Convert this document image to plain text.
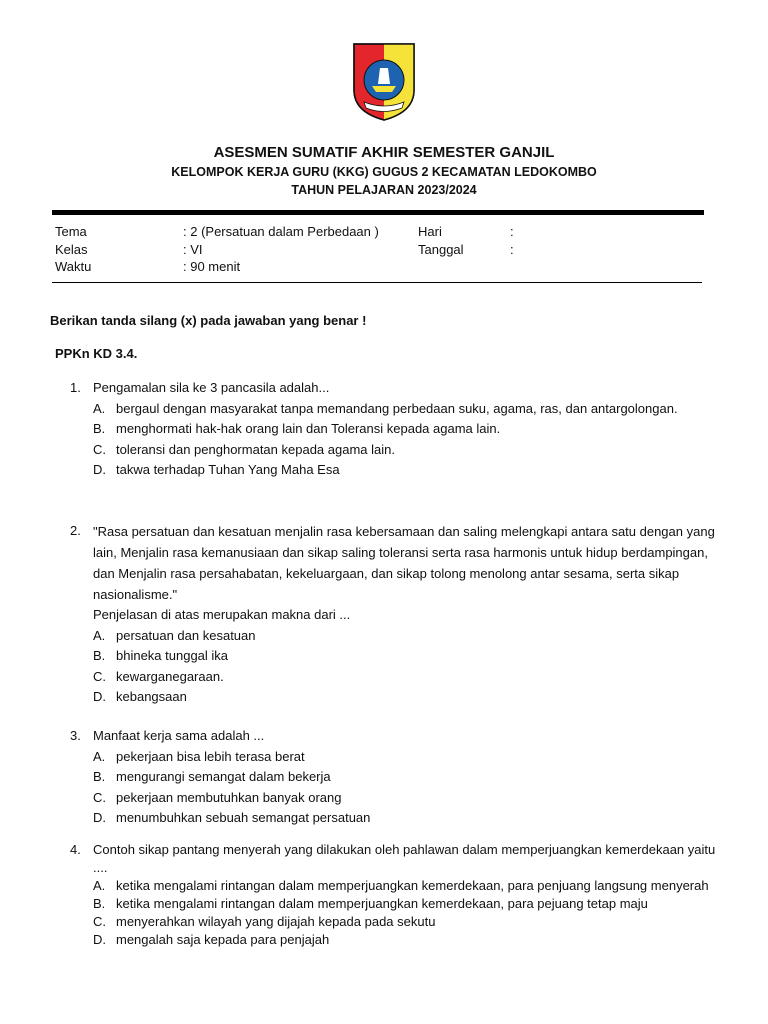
ASESMEN SUMATIF AKHIR SEMESTER GANJIL
KELOMPOK KERJA GURU (KKG) GUGUS 2 KECAMATAN LEDOKOMBO
TAHUN PELAJARAN 2023/2024
Tema	: 2 (Persatuan dalam Perbedaan )
Kelas	: VI
Waktu	: 90 menit
Hari	:
Tanggal	:
Berikan tanda silang (x) pada jawaban yang benar !
PPKn KD 3.4.
1. Pengamalan sila ke 3 pancasila adalah...
A. bergaul dengan masyarakat tanpa memandang perbedaan suku, agama, ras, dan antargolongan.
B. menghormati hak-hak orang lain dan Toleransi kepada agama lain.
C. toleransi dan penghormatan kepada agama lain.
D. takwa terhadap Tuhan Yang Maha Esa
2. "Rasa persatuan dan kesatuan menjalin rasa kebersamaan dan saling melengkapi antara satu dengan yang lain, Menjalin rasa kemanusiaan dan sikap saling toleransi serta rasa harmonis untuk hidup berdampingan, dan Menjalin rasa persahabatan, kekeluargaan, dan sikap tolong menolong antar sesama, serta sikap nasionalisme."
Penjelasan di atas merupakan makna dari ...
A. persatuan dan kesatuan
B. bhineka tunggal ika
C. kewarganegaraan.
D. kebangsaan
3. Manfaat kerja sama adalah ...
A. pekerjaan bisa lebih terasa berat
B. mengurangi semangat dalam bekerja
C. pekerjaan membutuhkan banyak orang
D. menumbuhkan sebuah semangat persatuan
4. Contoh sikap pantang menyerah yang dilakukan oleh pahlawan dalam memperjuangkan kemerdekaan yaitu ....
A. ketika mengalami rintangan dalam memperjuangkan kemerdekaan, para penjuang langsung menyerah
B. ketika mengalami rintangan dalam memperjuangkan kemerdekaan, para pejuang tetap maju
C. menyerahkan wilayah yang dijajah kepada pada sekutu
D. mengalah saja kepada para penjajah
